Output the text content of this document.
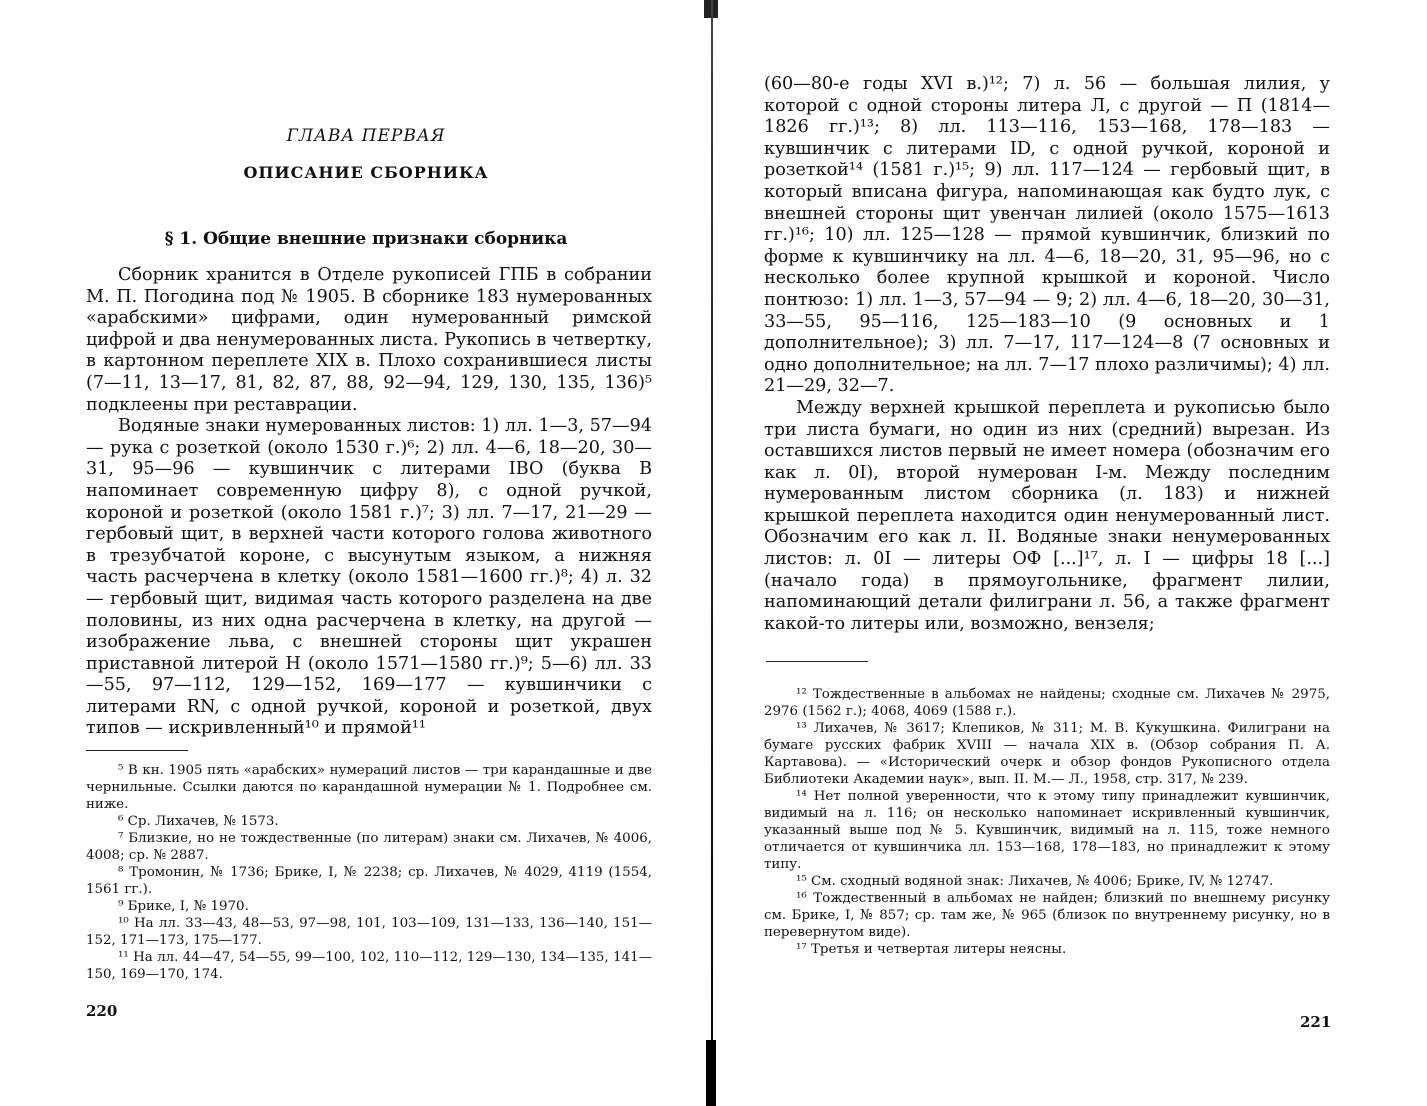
ГЛАВА ПЕРВАЯ
ОПИСАНИЕ СБОРНИКА
§ 1. Общие внешние признаки сборника

Сборник хранится в Отделе рукописей ГПБ в собрании М. П. Погодина под № 1905. В сборнике 183 нумерованных «арабскими» цифрами, один нумерованный римской цифрой и два ненумерованных листа. Рукопись в четвертку, в картонном переплете XIX в. Плохо сохранившиеся листы (7—11, 13—17, 81, 82, 87, 88, 92—94, 129, 130, 135, 136)⁵ подклеены при реставрации.

Водяные знаки нумерованных листов: 1) лл. 1—3, 57—94 — рука с розеткой (около 1530 г.)⁶; 2) лл. 4—6, 18—20, 30—31, 95—96 — кувшинчик с литерами IBO (буква В напоминает современную цифру 8), с одной ручкой, короной и розеткой (около 1581 г.)⁷; 3) лл. 7—17, 21—29 — гербовый щит, в верхней части которого голова животного в трезубчатой короне, с высунутым языком, а нижняя часть расчерчена в клетку (около 1581—1600 гг.)⁸; 4) л. 32 — гербовый щит, видимая часть которого разделена на две половины, из них одна расчерчена в клетку, на другой — изображение льва, с внешней стороны щит украшен приставной литерой Н (около 1571—1580 гг.)⁹; 5—6) лл. 33—55, 97—112, 129—152, 169—177 — кувшинчики с литерами RN, с одной ручкой, короной и розеткой, двух типов — искривленный¹⁰ и прямой¹¹

⁵ В кн. 1905 пять «арабских» нумераций листов — три карандашные и две чернильные. Ссылки даются по карандашной нумерации № 1. Подробнее см. ниже.

⁶ Ср. Лихачев, № 1573.

⁷ Близкие, но не тождественные (по литерам) знаки см. Лихачев, № 4006, 4008; ср. № 2887.

⁸ Тромонин, № 1736; Брике, I, № 2238; ср. Лихачев, № 4029, 4119 (1554, 1561 гг.).

⁹ Брике, I, № 1970.

¹⁰ На лл. 33—43, 48—53, 97—98, 101, 103—109, 131—133, 136—140, 151—152, 171—173, 175—177.

¹¹ На лл. 44—47, 54—55, 99—100, 102, 110—112, 129—130, 134—135, 141—150, 169—170, 174.

220

(60—80-е годы XVI в.)¹²; 7) л. 56 — большая лилия, у которой с одной стороны литера Л, с другой — П (1814—1826 гг.)¹³; 8) лл. 113—116, 153—168, 178—183 — кувшинчик с литерами ID, с одной ручкой, короной и розеткой¹⁴ (1581 г.)¹⁵; 9) лл. 117—124 — гербовый щит, в который вписана фигура, напоминающая как будто лук, с внешней стороны щит увенчан лилией (около 1575—1613 гг.)¹⁶; 10) лл. 125—128 — прямой кувшинчик, близкий по форме к кувшинчику на лл. 4—6, 18—20, 31, 95—96, но с несколько более крупной крышкой и короной. Число понтюзо: 1) лл. 1—3, 57—94 — 9; 2) лл. 4—6, 18—20, 30—31, 33—55, 95—116, 125—183—10 (9 основных и 1 дополнительное); 3) лл. 7—17, 117—124—8 (7 основных и одно дополнительное; на лл. 7—17 плохо различимы); 4) лл. 21—29, 32—7.

Между верхней крышкой переплета и рукописью было три листа бумаги, но один из них (средний) вырезан. Из оставшихся листов первый не имеет номера (обозначим его как л. 0I), второй нумерован I-м. Между последним нумерованным листом сборника (л. 183) и нижней крышкой переплета находится один ненумерованный лист. Обозначим его как л. II. Водяные знаки ненумерованных листов: л. 0I — литеры ОФ [...]¹⁷, л. I — цифры 18 [...] (начало года) в прямоугольнике, фрагмент лилии, напоминающий детали филиграни л. 56, а также фрагмент какой-то литеры или, возможно, вензеля;

¹² Тождественные в альбомах не найдены; сходные см. Лихачев № 2975, 2976 (1562 г.); 4068, 4069 (1588 г.).

¹³ Лихачев, № 3617; Клепиков, № 311; М. В. Кукушкина. Филиграни на бумаге русских фабрик XVIII — начала XIX в. (Обзор собрания П. А. Картавова). — «Исторический очерк и обзор фондов Рукописного отдела Библиотеки Академии наук», вып. II. М.— Л., 1958, стр. 317, № 239.

¹⁴ Нет полной уверенности, что к этому типу принадлежит кувшинчик, видимый на л. 116; он несколько напоминает искривленный кувшинчик, указанный выше под № 5. Кувшинчик, видимый на л. 115, тоже немного отличается от кувшинчика лл. 153—168, 178—183, но принадлежит к этому типу.

¹⁵ См. сходный водяной знак: Лихачев, № 4006; Брике, IV, № 12747.

¹⁶ Тождественный в альбомах не найден; близкий по внешнему рисунку см. Брике, I, № 857; ср. там же, № 965 (близок по внутреннему рисунку, но в перевернутом виде).

¹⁷ Третья и четвертая литеры неясны.

221
